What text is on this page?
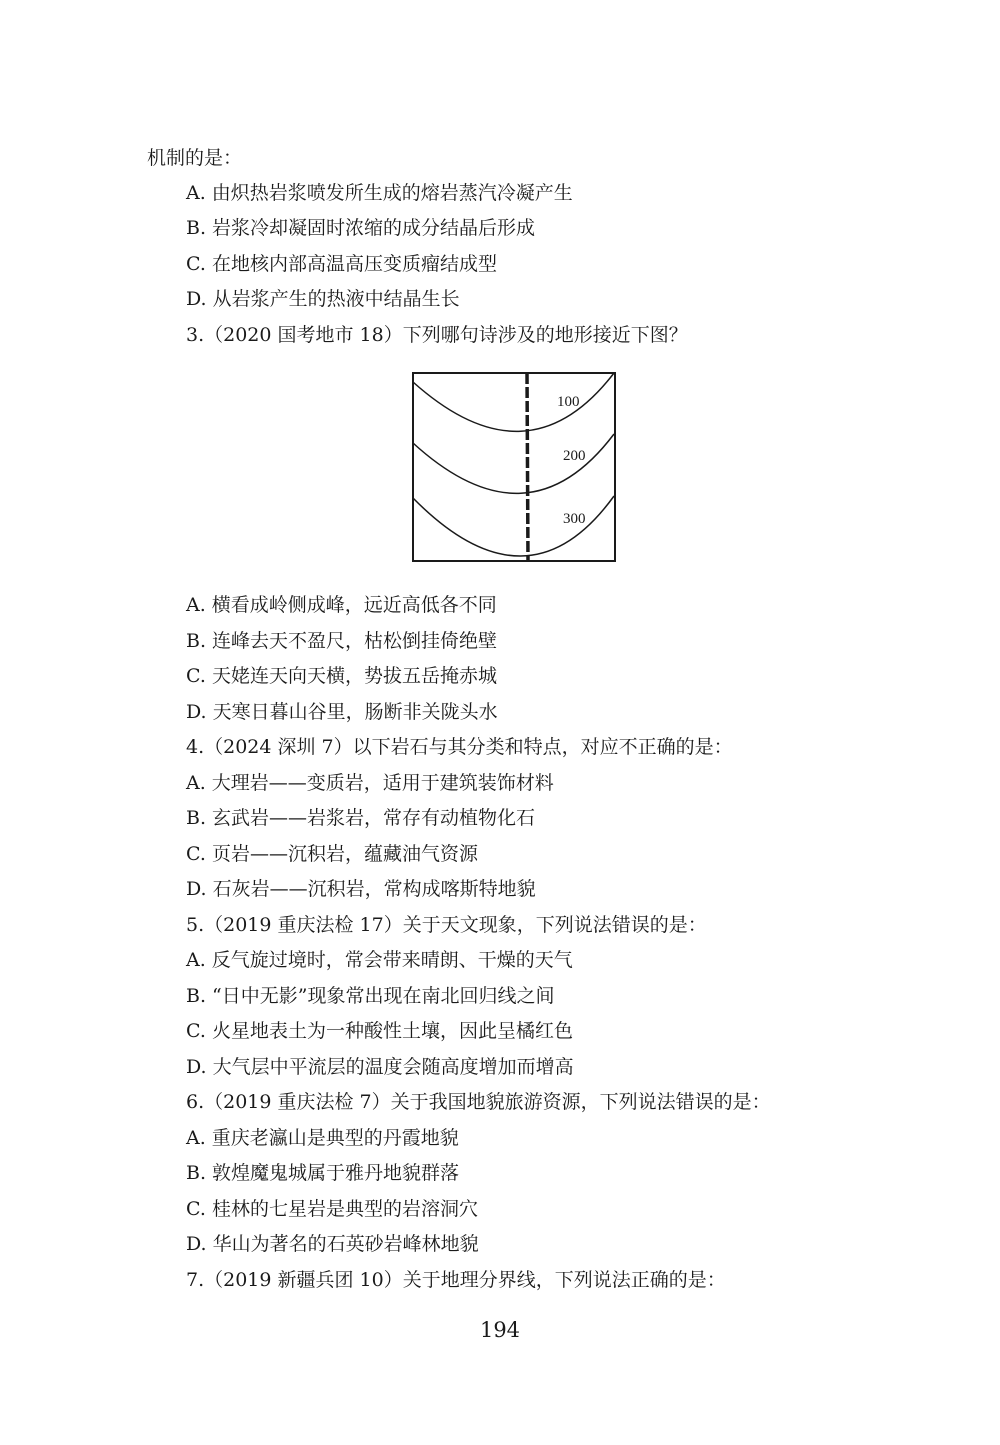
机制的是：
A. 由炽热岩浆喷发所生成的熔岩蒸汽冷凝产生
B. 岩浆冷却凝固时浓缩的成分结晶后形成
C. 在地核内部高温高压变质瘤结成型
D. 从岩浆产生的热液中结晶生长
3.（2020 国考地市 18）下列哪句诗涉及的地形接近下图？
100
200
300
A. 横看成岭侧成峰，远近高低各不同
B. 连峰去天不盈尺，枯松倒挂倚绝壁
C. 天姥连天向天横，势拔五岳掩赤城
D. 天寒日暮山谷里，肠断非关陇头水
4.（2024 深圳 7）以下岩石与其分类和特点，对应不正确的是：
A. 大理岩——变质岩，适用于建筑装饰材料
B. 玄武岩——岩浆岩，常存有动植物化石
C. 页岩——沉积岩，蕴藏油气资源
D. 石灰岩——沉积岩，常构成喀斯特地貌
5.（2019 重庆法检 17）关于天文现象，下列说法错误的是：
A. 反气旋过境时，常会带来晴朗、干燥的天气
B. “日中无影”现象常出现在南北回归线之间
C. 火星地表土为一种酸性土壤，因此呈橘红色
D. 大气层中平流层的温度会随高度增加而增高
6.（2019 重庆法检 7）关于我国地貌旅游资源，下列说法错误的是：
A. 重庆老瀛山是典型的丹霞地貌
B. 敦煌魔鬼城属于雅丹地貌群落
C. 桂林的七星岩是典型的岩溶洞穴
D. 华山为著名的石英砂岩峰林地貌
7.（2019 新疆兵团 10）关于地理分界线，下列说法正确的是：
194
